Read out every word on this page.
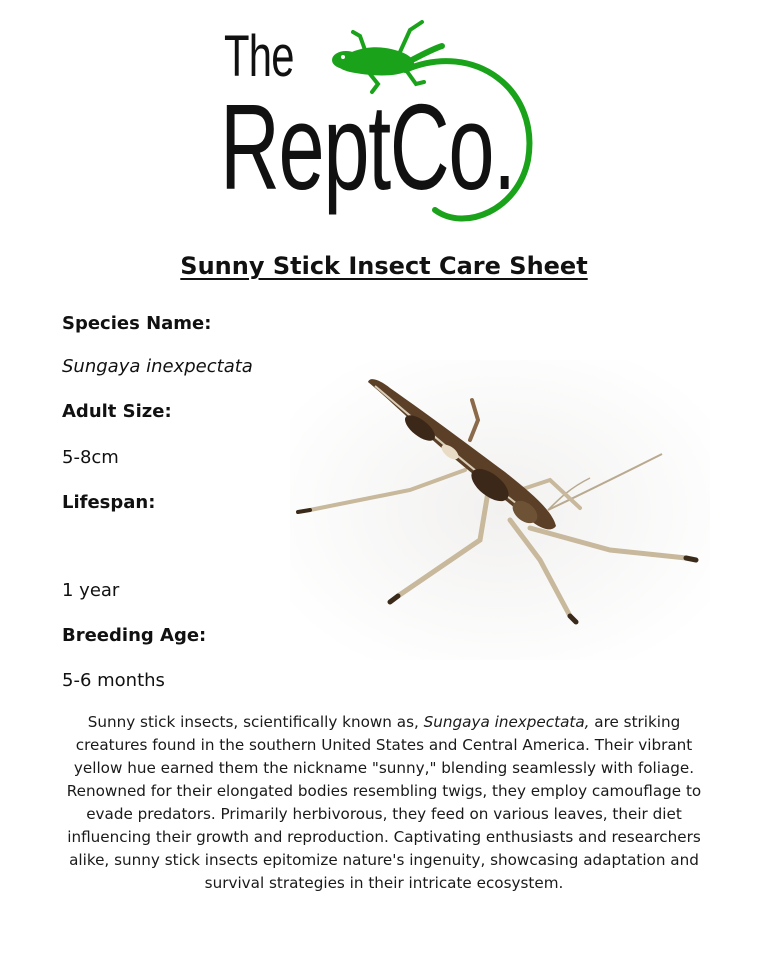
The
ReptCo.
Sunny Stick Insect Care Sheet
Species Name:
Sungaya inexpectata
Adult Size:
5-8cm
Lifespan:
1 year
Breeding Age:
5-6 months
Sunny stick insects, scientifically known as, Sungaya inexpectata, are striking creatures found in the southern United States and Central America. Their vibrant yellow hue earned them the nickname "sunny," blending seamlessly with foliage. Renowned for their elongated bodies resembling twigs, they employ camouflage to evade predators. Primarily herbivorous, they feed on various leaves, their diet influencing their growth and reproduction. Captivating enthusiasts and researchers alike, sunny stick insects epitomize nature's ingenuity, showcasing adaptation and survival strategies in their intricate ecosystem.
